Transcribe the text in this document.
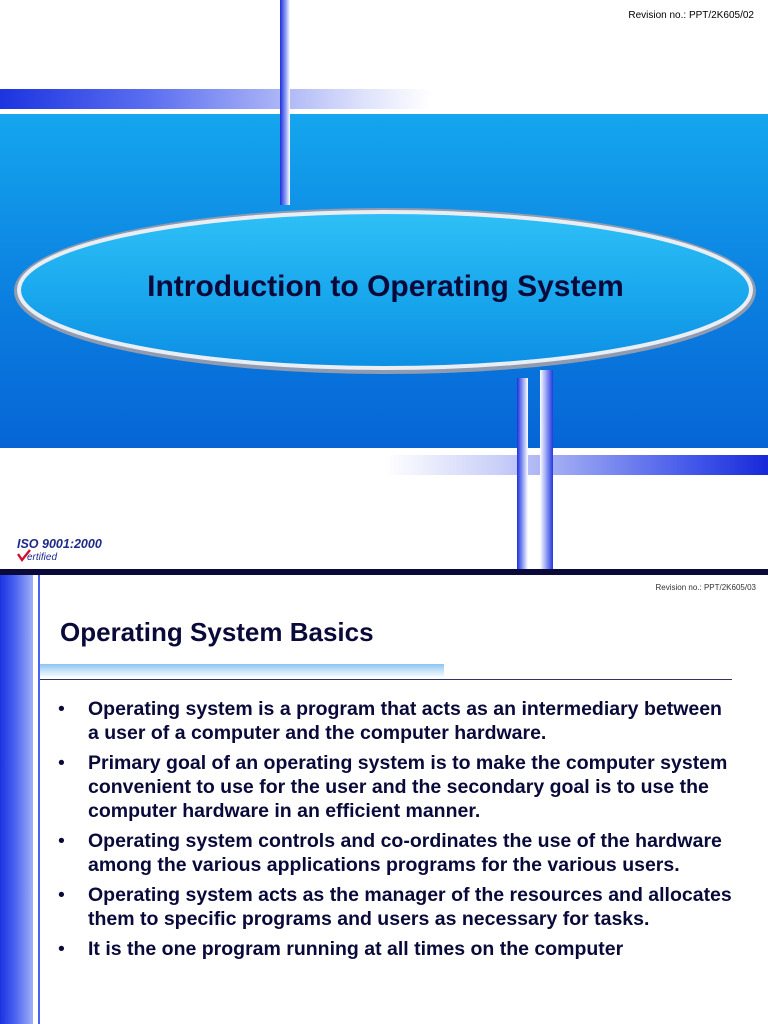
Revision no.: PPT/2K605/02
Introduction to Operating System
ISO 9001:2000
ertified
Revision no.: PPT/2K605/03
Operating System Basics
• Operating system is a program that acts as an intermediary between a user of a computer and the computer hardware.
• Primary goal of an operating system is to make the computer system convenient to use for the user and the secondary goal is to use the computer hardware in an efficient manner.
• Operating system controls and co-ordinates the use of the hardware among the various applications programs for the various users.
• Operating system acts as the manager of the resources and allocates them to specific programs and users as necessary for tasks.
• It is the one program running at all times on the computer
